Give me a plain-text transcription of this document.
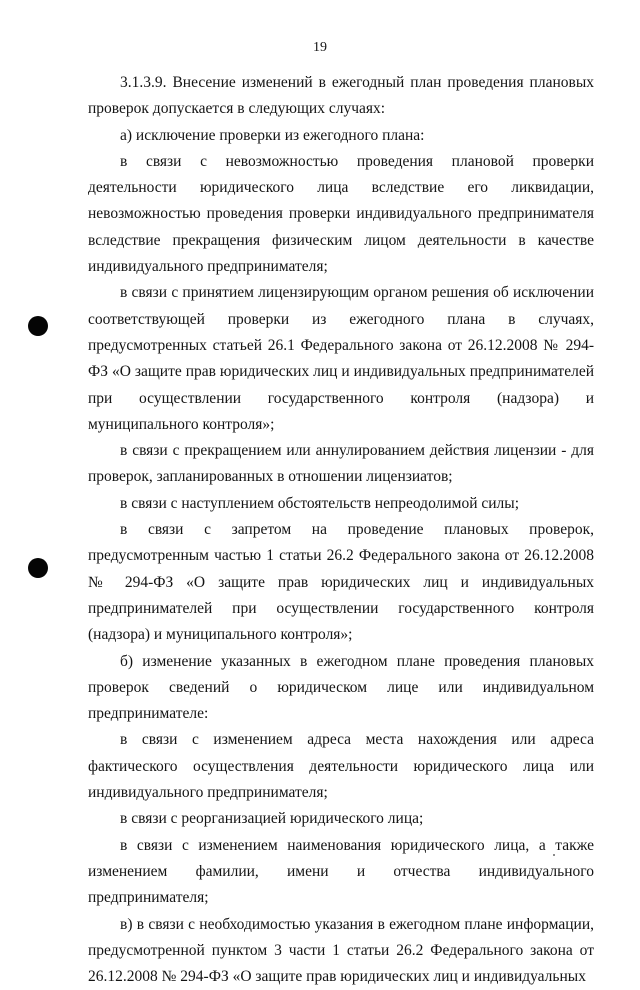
19

3.1.3.9. Внесение изменений в ежегодный план проведения плановых проверок допускается в следующих случаях:

а) исключение проверки из ежегодного плана:

в связи с невозможностью проведения плановой проверки деятельности юридического лица вследствие его ликвидации, невозможностью проведения проверки индивидуального предпринимателя вследствие прекращения физическим лицом деятельности в качестве индивидуального предпринимателя;

в связи с принятием лицензирующим органом решения об исключении соответствующей проверки из ежегодного плана в случаях, предусмотренных статьей 26.1 Федерального закона от 26.12.2008 № 294-ФЗ «О защите прав юридических лиц и индивидуальных предпринимателей при осуществлении государственного контроля (надзора) и муниципального контроля»;

в связи с прекращением или аннулированием действия лицензии - для проверок, запланированных в отношении лицензиатов;

в связи с наступлением обстоятельств непреодолимой силы;

в связи с запретом на проведение плановых проверок, предусмотренным частью 1 статьи 26.2 Федерального закона от 26.12.2008 № 294-ФЗ «О защите прав юридических лиц и индивидуальных предпринимателей при осуществлении государственного контроля (надзора) и муниципального контроля»;

б) изменение указанных в ежегодном плане проведения плановых проверок сведений о юридическом лице или индивидуальном предпринимателе:

в связи с изменением адреса места нахождения или адреса фактического осуществления деятельности юридического лица или индивидуального предпринимателя;

в связи с реорганизацией юридического лица;

в связи с изменением наименования юридического лица, а также изменением фамилии, имени и отчества индивидуального предпринимателя;

в) в связи с необходимостью указания в ежегодном плане информации, предусмотренной пунктом 3 части 1 статьи 26.2 Федерального закона от 26.12.2008 № 294-ФЗ «О защите прав юридических лиц и индивидуальных
